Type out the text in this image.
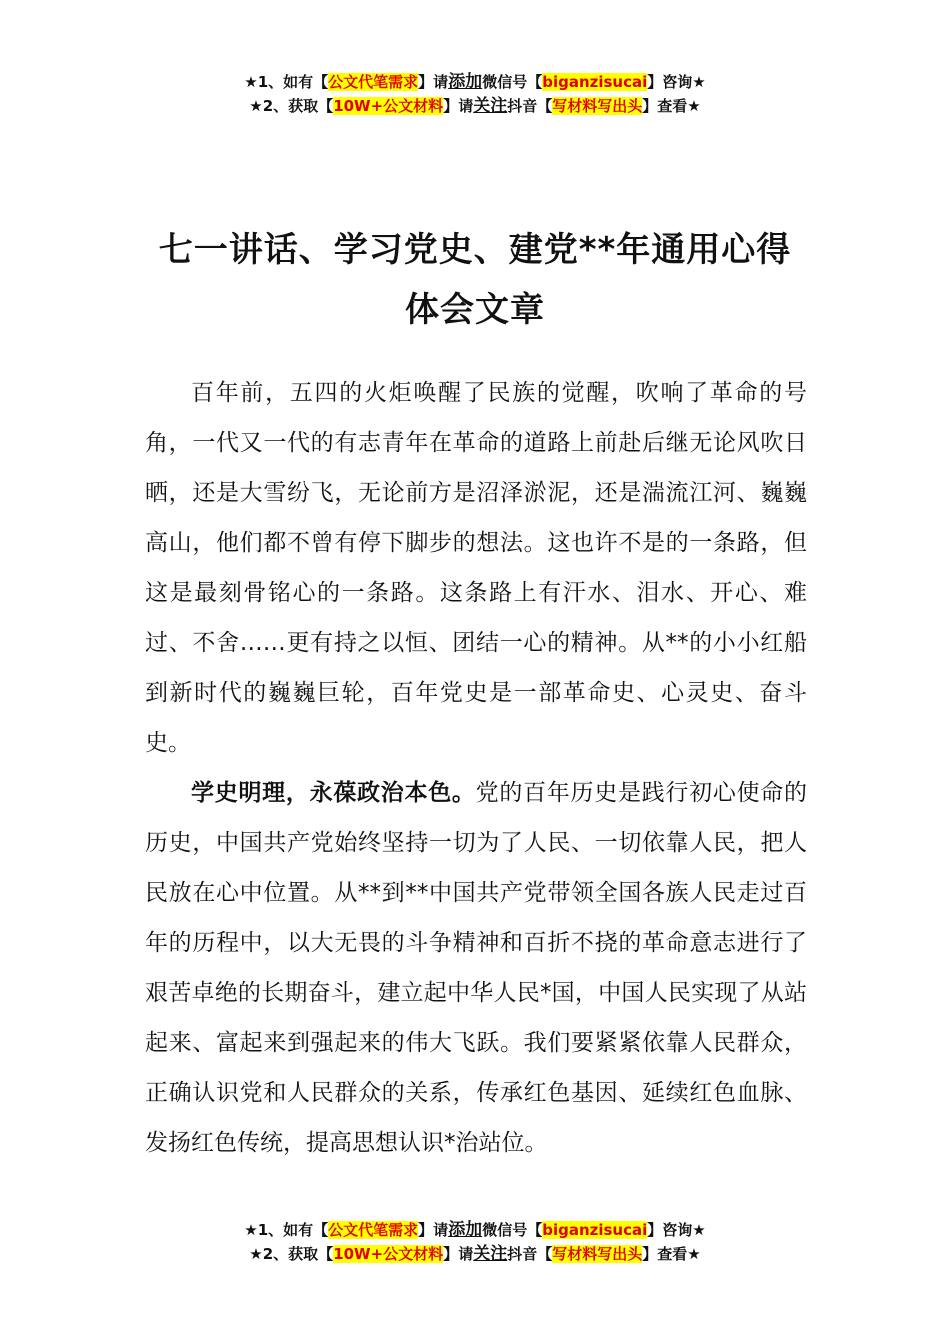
★1、如有【公文代笔需求】请添加微信号【biganzisucai】咨询★
★2、获取【10W+公文材料】请关注抖音【写材料写出头】查看★
七一讲话、学习党史、建党**年通用心得
体会文章

百年前，五四的火炬唤醒了民族的觉醒，吹响了革命的号角，一代又一代的有志青年在革命的道路上前赴后继无论风吹日晒，还是大雪纷飞，无论前方是沼泽淤泥，还是湍流江河、巍巍高山，他们都不曾有停下脚步的想法。这也许不是的一条路，但这是最刻骨铭心的一条路。这条路上有汗水、泪水、开心、难过、不舍……更有持之以恒、团结一心的精神。从**的小小红船到新时代的巍巍巨轮，百年党史是一部革命史、心灵史、奋斗史。

学史明理，永葆政治本色。党的百年历史是践行初心使命的历史，中国共产党始终坚持一切为了人民、一切依靠人民，把人民放在心中位置。从**到**中国共产党带领全国各族人民走过百年的历程中，以大无畏的斗争精神和百折不挠的革命意志进行了艰苦卓绝的长期奋斗，建立起中华人民*国，中国人民实现了从站起来、富起来到强起来的伟大飞跃。我们要紧紧依靠人民群众，正确认识党和人民群众的关系，传承红色基因、延续红色血脉、发扬红色传统，提高思想认识*治站位。

★1、如有【公文代笔需求】请添加微信号【biganzisucai】咨询★
★2、获取【10W+公文材料】请关注抖音【写材料写出头】查看★
